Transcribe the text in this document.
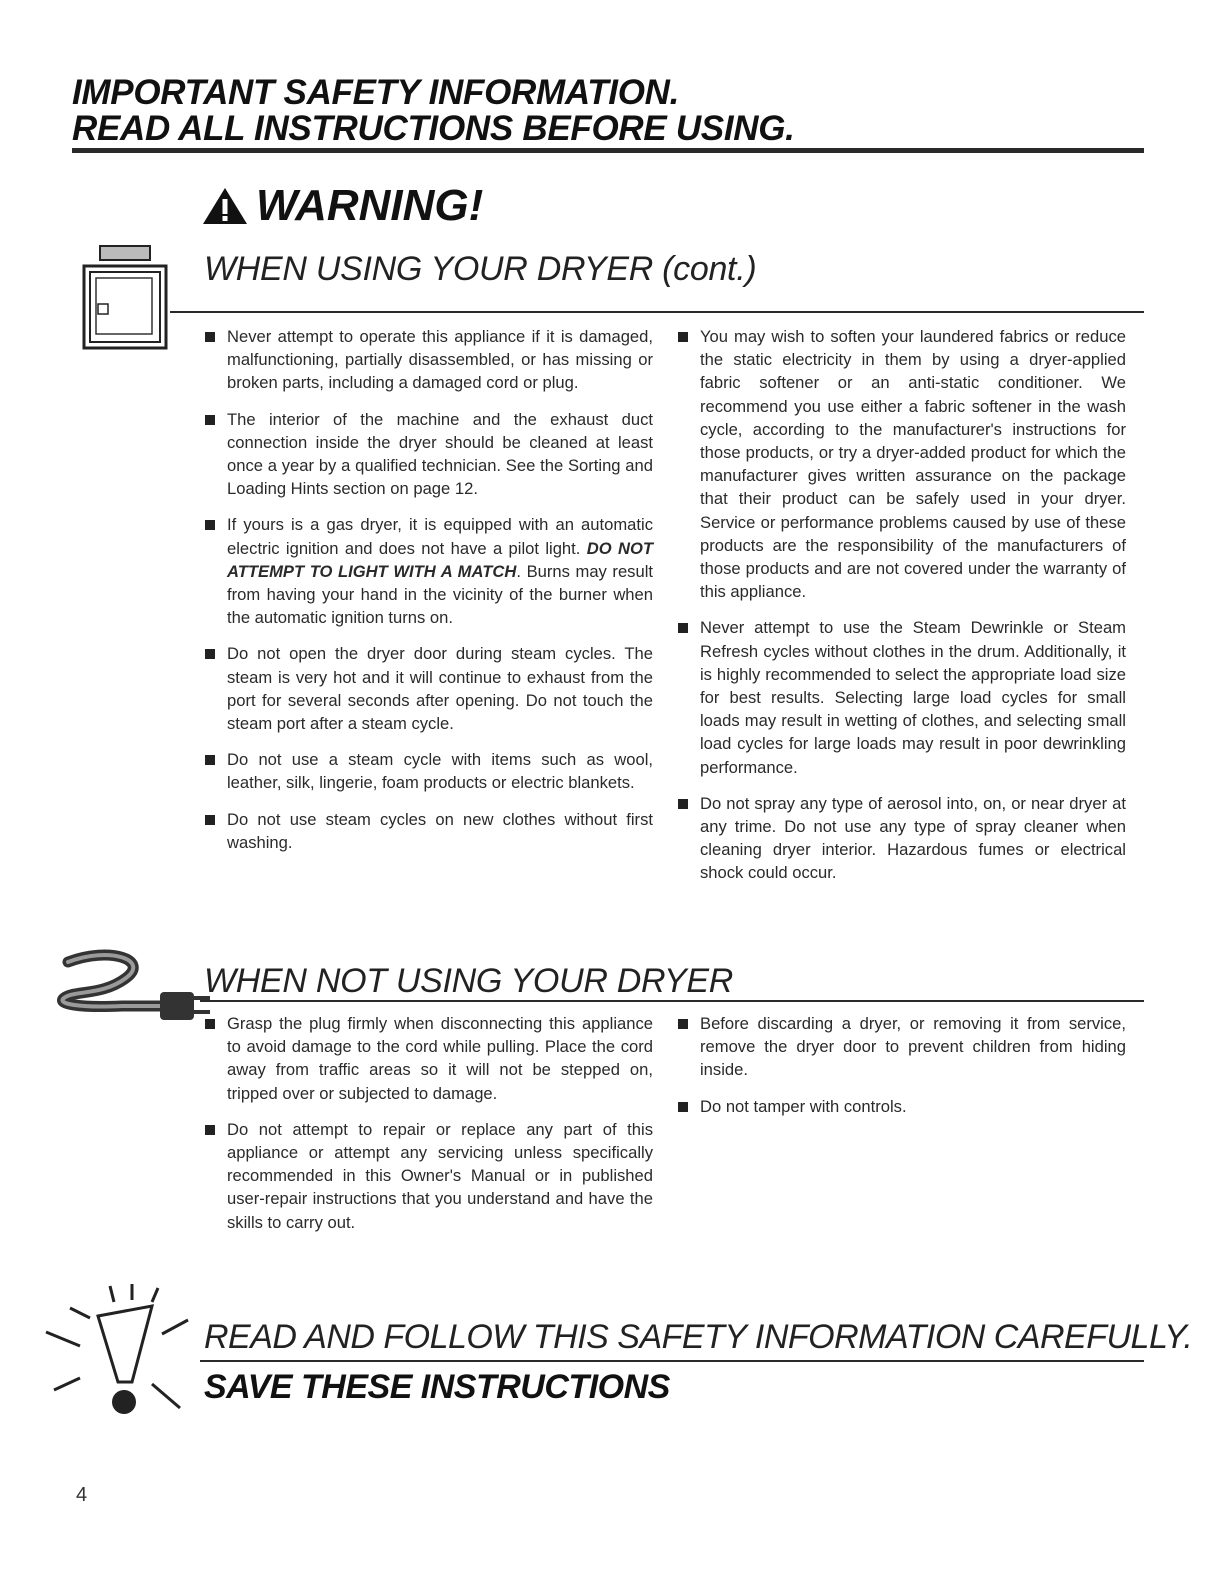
IMPORTANT SAFETY INFORMATION.
READ ALL INSTRUCTIONS BEFORE USING.
WARNING!
WHEN USING YOUR DRYER (cont.)
Never attempt to operate this appliance if it is damaged, malfunctioning, partially disassembled, or has missing or broken parts, including a damaged cord or plug.
The interior of the machine and the exhaust duct connection inside the dryer should be cleaned at least once a year by a qualified technician. See the Sorting and Loading Hints section on page 12.
If yours is a gas dryer, it is equipped with an automatic electric ignition and does not have a pilot light. DO NOT ATTEMPT TO LIGHT WITH A MATCH. Burns may result from having your hand in the vicinity of the burner when the automatic ignition turns on.
Do not open the dryer door during steam cycles. The steam is very hot and it will continue to exhaust from the port for several seconds after opening. Do not touch the steam port after a steam cycle.
Do not use a steam cycle with items such as wool, leather, silk, lingerie, foam products or electric blankets.
Do not use steam cycles on new clothes without first washing.
You may wish to soften your laundered fabrics or reduce the static electricity in them by using a dryer-applied fabric softener or an anti-static conditioner. We recommend you use either a fabric softener in the wash cycle, according to the manufacturer's instructions for those products, or try a dryer-added product for which the manufacturer gives written assurance on the package that their product can be safely used in your dryer. Service or performance problems caused by use of these products are the responsibility of the manufacturers of those products and are not covered under the warranty of this appliance.
Never attempt to use the Steam Dewrinkle or Steam Refresh cycles without clothes in the drum. Additionally, it is highly recommended to select the appropriate load size for best results. Selecting large load cycles for small loads may result in wetting of clothes, and selecting small load cycles for large loads may result in poor dewrinkling performance.
Do not spray any type of aerosol into, on, or near dryer at any trime. Do not use any type of spray cleaner when cleaning dryer interior. Hazardous fumes or electrical shock could occur.
WHEN NOT USING YOUR DRYER
Grasp the plug firmly when disconnecting this appliance to avoid damage to the cord while pulling. Place the cord away from traffic areas so it will not be stepped on, tripped over or subjected to damage.
Do not attempt to repair or replace any part of this appliance or attempt any servicing unless specifically recommended in this Owner's Manual or in published user-repair instructions that you understand and have the skills to carry out.
Before discarding a dryer, or removing it from service, remove the dryer door to prevent children from hiding inside.
Do not tamper with controls.
READ AND FOLLOW THIS SAFETY INFORMATION CAREFULLY.
SAVE THESE INSTRUCTIONS
4
